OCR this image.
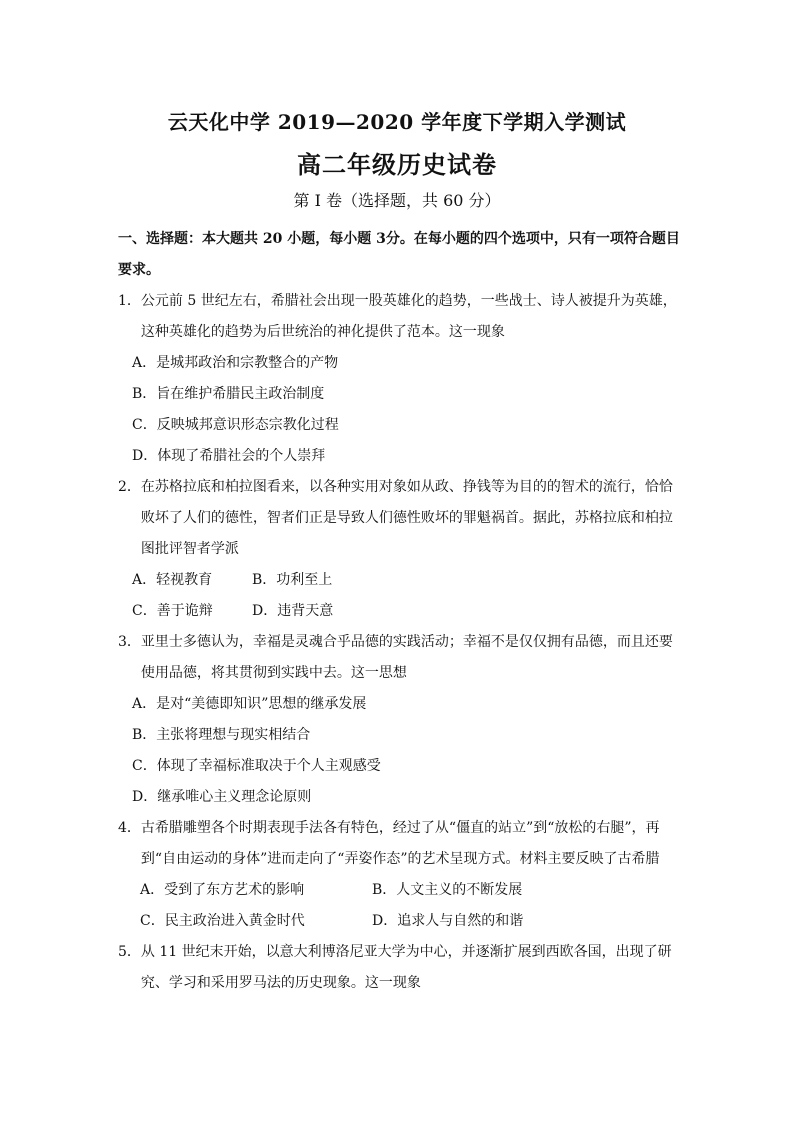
云天化中学 2019—2020 学年度下学期入学测试
高二年级历史试卷
第 I 卷（选择题，共 60 分）

一、选择题：本大题共 20 小题，每小题 3分。在每小题的四个选项中，只有一项符合题目要求。

1． 公元前 5 世纪左右，希腊社会出现一股英雄化的趋势，一些战士、诗人被提升为英雄，这种英雄化的趋势为后世统治的神化提供了范本。这一现象

A．是城邦政治和宗教整合的产物

B．旨在维护希腊民主政治制度

C．反映城邦意识形态宗教化过程

D．体现了希腊社会的个人崇拜

2． 在苏格拉底和柏拉图看来，以各种实用对象如从政、挣钱等为目的的智术的流行，恰恰败坏了人们的德性，智者们正是导致人们德性败坏的罪魁祸首。据此，苏格拉底和柏拉图批评智者学派
A．轻视教育	B．功利至上
C．善于诡辩	D．违背天意
3． 亚里士多德认为，幸福是灵魂合乎品德的实践活动；幸福不是仅仅拥有品德，而且还要使用品德，将其贯彻到实践中去。这一思想

A．是对“美德即知识”思想的继承发展

B．主张将理想与现实相结合

C．体现了幸福标准取决于个人主观感受

D．继承唯心主义理念论原则

4． 古希腊雕塑各个时期表现手法各有特色，经过了从“僵直的站立”到“放松的右腿”，再到“自由运动的身体”进而走向了“弄姿作态”的艺术呈现方式。材料主要反映了古希腊
A．受到了东方艺术的影响	B．人文主义的不断发展
C．民主政治进入黄金时代	D．追求人与自然的和谐
5． 从 11 世纪末开始，以意大利博洛尼亚大学为中心，并逐渐扩展到西欧各国，出现了研究、学习和采用罗马法的历史现象。这一现象
